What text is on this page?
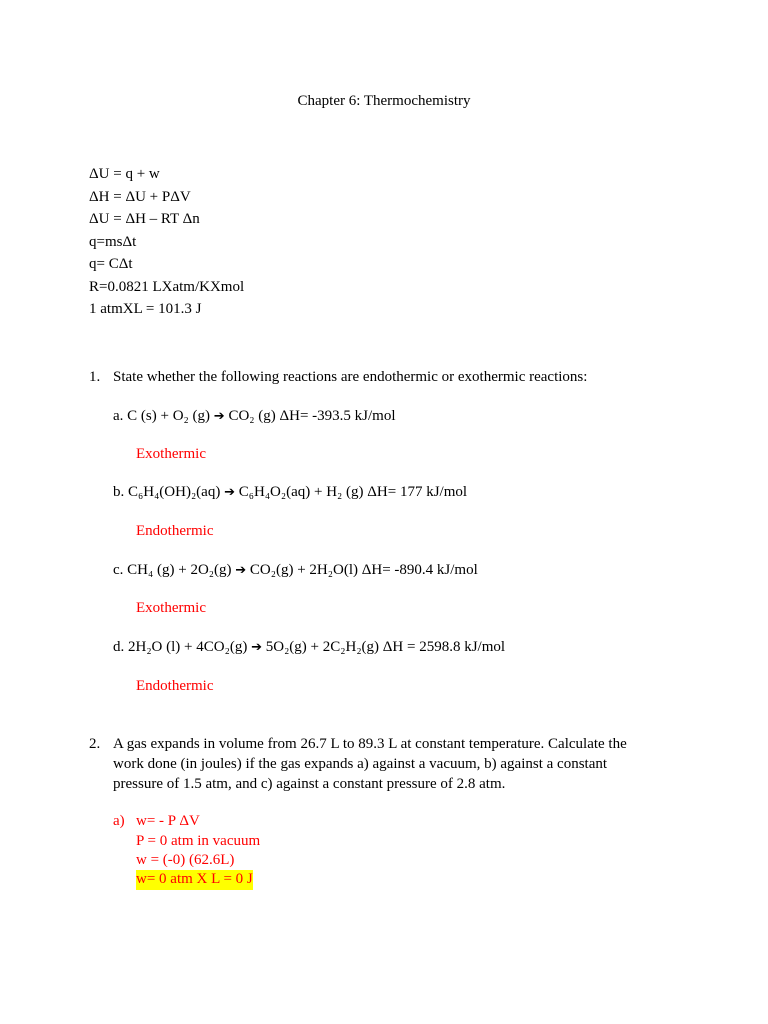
Chapter 6: Thermochemistry
ΔU = q + w
ΔH = ΔU + PΔV
ΔU = ΔH – RT Δn
q=msΔt
q= CΔt
R=0.0821 LXatm/KXmol
1 atmXL = 101.3 J
1. State whether the following reactions are endothermic or exothermic reactions:
a. C (s) + O₂ (g) ➔ CO₂ (g) ΔH= -393.5 kJ/mol
Exothermic
b. C₆H₄(OH)₂(aq) ➔ C₆H₄O₂(aq) + H₂ (g) ΔH= 177 kJ/mol
Endothermic
c. CH₄ (g) + 2O₂(g) ➔ CO₂(g) + 2H₂O(l) ΔH= -890.4 kJ/mol
Exothermic
d. 2H₂O (l) + 4CO₂(g) ➔ 5O₂(g) + 2C₂H₂(g) ΔH = 2598.8 kJ/mol
Endothermic
2. A gas expands in volume from 26.7 L to 89.3 L at constant temperature. Calculate the
work done (in joules) if the gas expands a) against a vacuum, b) against a constant
pressure of 1.5 atm, and c) against a constant pressure of 2.8 atm.
a) w= - P ΔV
P = 0 atm in vacuum
w = (-0) (62.6L)
w= 0 atm X L = 0 J
